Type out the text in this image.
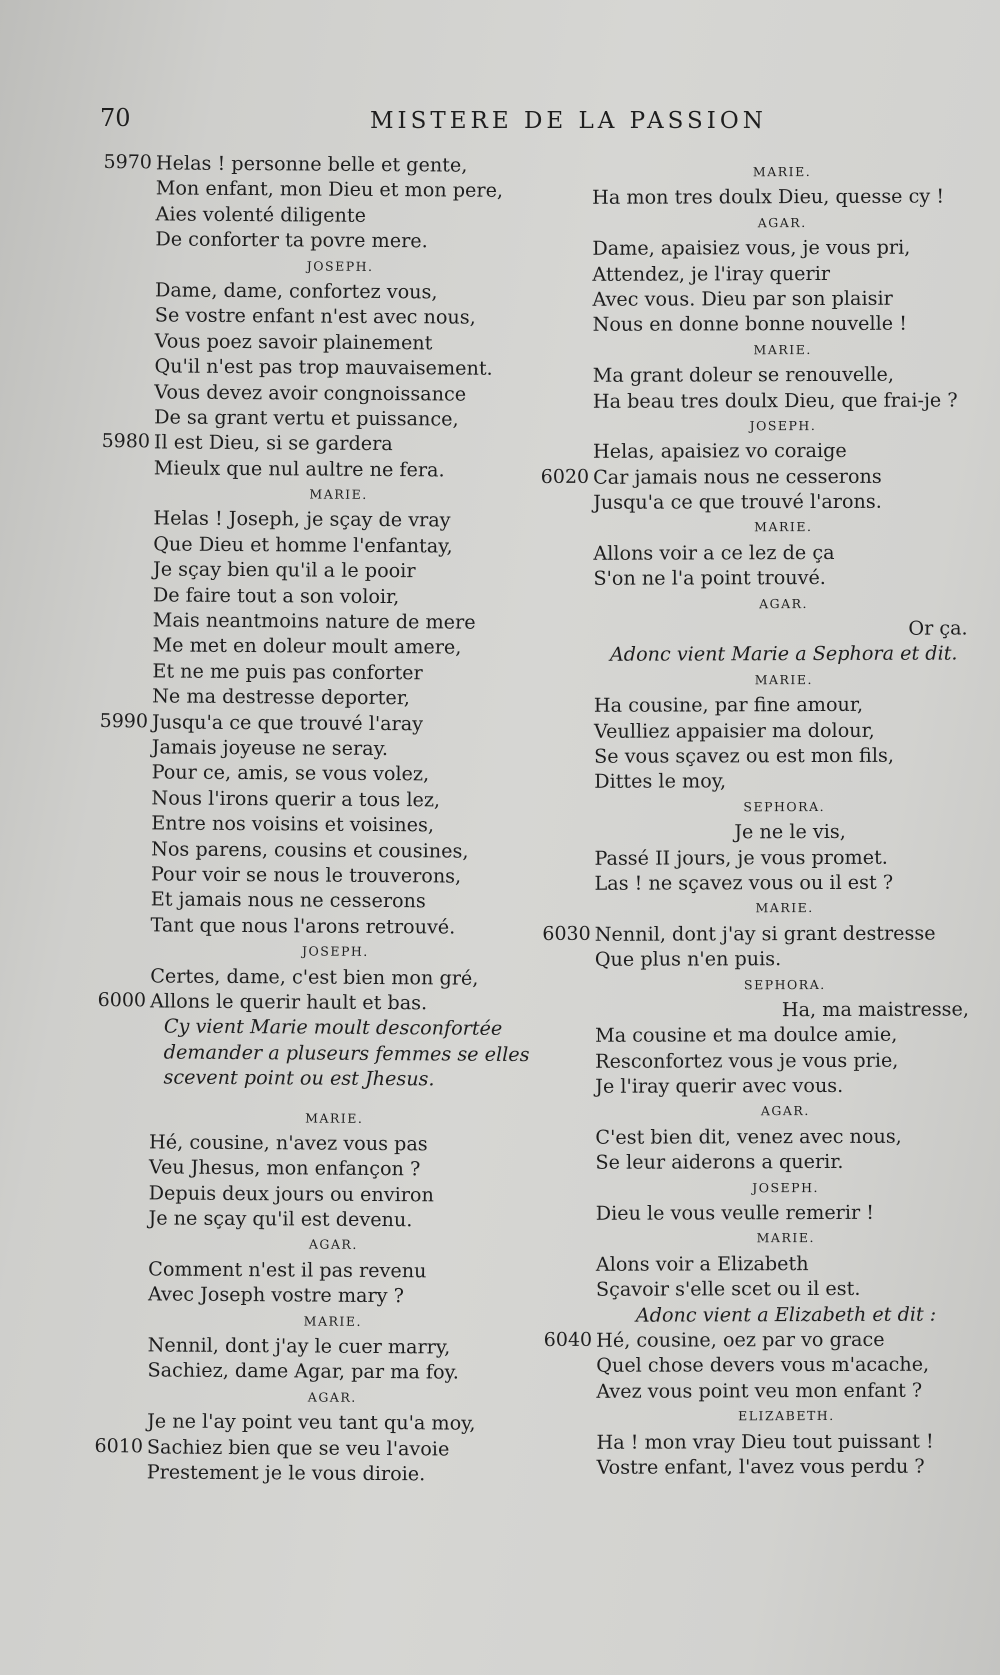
70	MISTERE DE LA PASSION
5970 Helas ! personne belle et gente,
Mon enfant, mon Dieu et mon pere,
Aies volenté diligente
De conforter ta povre mere.
JOSEPH.
Dame, dame, confortez vous,
Se vostre enfant n'est avec nous,
Vous poez savoir plainement
Qu'il n'est pas trop mauvaisement.
Vous devez avoir congnoissance
De sa grant vertu et puissance,
5980 Il est Dieu, si se gardera
Mieulx que nul aultre ne fera.
MARIE.
Helas ! Joseph, je sçay de vray
Que Dieu et homme l'enfantay,
Je sçay bien qu'il a le pooir
De faire tout a son voloir,
Mais neantmoins nature de mere
Me met en doleur moult amere,
Et ne me puis pas conforter
Ne ma destresse deporter,
5990 Jusqu'a ce que trouvé l'aray
Jamais joyeuse ne seray.
Pour ce, amis, se vous volez,
Nous l'irons querir a tous lez,
Entre nos voisins et voisines,
Nos parens, cousins et cousines,
Pour voir se nous le trouverons,
Et jamais nous ne cesserons
Tant que nous l'arons retrouvé.
JOSEPH.
Certes, dame, c'est bien mon gré,
6000 Allons le querir hault et bas.
Cy vient Marie moult desconfortée demander a pluseurs femmes se elles scevent point ou est Jhesus.
MARIE.
Hé, cousine, n'avez vous pas
Veu Jhesus, mon enfançon ?
Depuis deux jours ou environ
Je ne sçay qu'il est devenu.
AGAR.
Comment n'est il pas revenu
Avec Joseph vostre mary ?
MARIE.
Nennil, dont j'ay le cuer marry,
Sachiez, dame Agar, par ma foy.
AGAR.
Je ne l'ay point veu tant qu'a moy,
6010 Sachiez bien que se veu l'avoie
Prestement je le vous diroie.
MARIE.
Ha mon tres doulx Dieu, quesse cy !
AGAR.
Dame, apaisiez vous, je vous pri,
Attendez, je l'iray querir
Avec vous. Dieu par son plaisir
Nous en donne bonne nouvelle !
MARIE.
Ma grant doleur se renouvelle,
Ha beau tres doulx Dieu, que frai-je ?
JOSEPH.
Helas, apaisiez vo coraige
6020 Car jamais nous ne cesserons
Jusqu'a ce que trouvé l'arons.
MARIE.
Allons voir a ce lez de ça
S'on ne l'a point trouvé.
AGAR.
Or ça.
Adonc vient Marie a Sephora et dit.
MARIE.
Ha cousine, par fine amour,
Veulliez appaisier ma dolour,
Se vous sçavez ou est mon fils,
Dittes le moy,
SEPHORA.
Je ne le vis,
Passé II jours, je vous promet.
Las ! ne sçavez vous ou il est ?
MARIE.
6030 Nennil, dont j'ay si grant destresse
Que plus n'en puis.
SEPHORA.
Ha, ma maistresse,
Ma cousine et ma doulce amie,
Resconfortez vous je vous prie,
Je l'iray querir avec vous.
AGAR.
C'est bien dit, venez avec nous,
Se leur aiderons a querir.
JOSEPH.
Dieu le vous veulle remerir !
MARIE.
Alons voir a Elizabeth
Sçavoir s'elle scet ou il est.
Adonc vient a Elizabeth et dit :
6040 Hé, cousine, oez par vo grace
Quel chose devers vous m'acache,
Avez vous point veu mon enfant ?
ELIZABETH.
Ha ! mon vray Dieu tout puissant !
Vostre enfant, l'avez vous perdu ?
